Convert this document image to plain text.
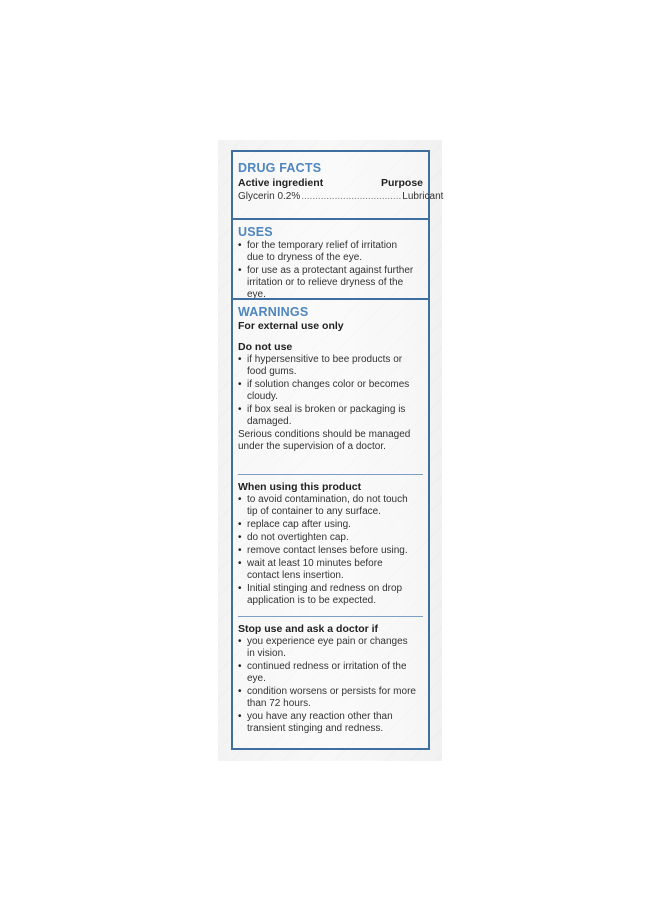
DRUG FACTS
Active ingredient	Purpose
Glycerin 0.2% .................................... Lubricant
USES
• for the temporary relief of irritation
due to dryness of the eye.
• for use as a protectant against further
irritation or to relieve dryness of the eye.
WARNINGS
For external use only
Do not use
• if hypersensitive to bee products or
food gums.
• if solution changes color or becomes
cloudy.
• if box seal is broken or packaging is
damaged.
Serious conditions should be managed
under the supervision of a doctor.
When using this product
• to avoid contamination, do not touch
tip of container to any surface.
• replace cap after using.
• do not overtighten cap.
• remove contact lenses before using.
• wait at least 10 minutes before
contact lens insertion.
• Initial stinging and redness on drop
application is to be expected.
Stop use and ask a doctor if
• you experience eye pain or changes
in vision.
• continued redness or irritation of the eye.
• condition worsens or persists for more
than 72 hours.
• you have any reaction other than
transient stinging and redness.
